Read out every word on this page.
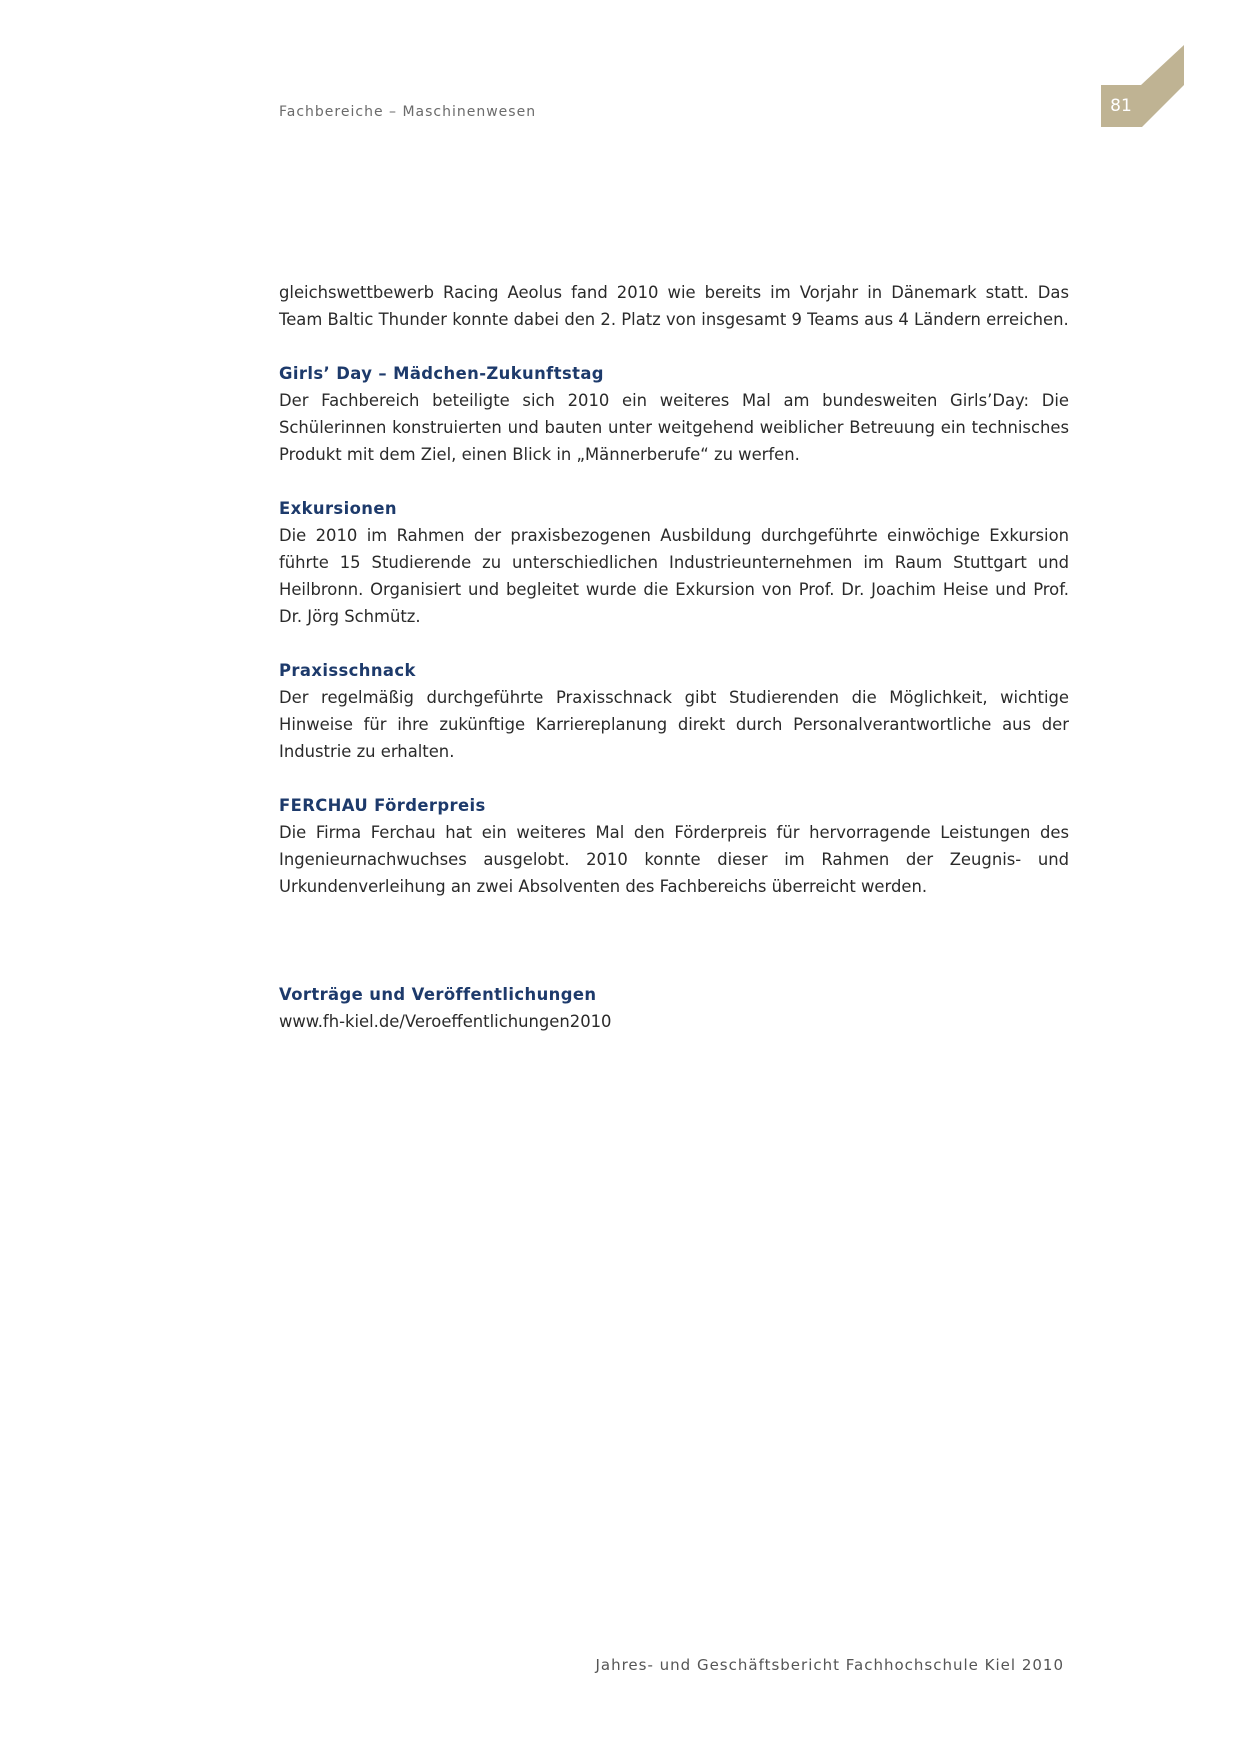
Fachbereiche – Maschinenwesen	81

gleichswettbewerb Racing Aeolus fand 2010 wie bereits im Vorjahr in Dänemark statt. Das Team Baltic Thunder konnte dabei den 2. Platz von insgesamt 9 Teams aus 4 Ländern erreichen.

Girls’ Day – Mädchen-Zukunftstag

Der Fachbereich beteiligte sich 2010 ein weiteres Mal am bundesweiten Girls’Day: Die Schülerinnen konstruierten und bauten unter weitgehend weiblicher Betreuung ein technisches Produkt mit dem Ziel, einen Blick in „Männerberufe“ zu werfen.

Exkursionen

Die 2010 im Rahmen der praxisbezogenen Ausbildung durchgeführte einwöchige Exkursion führte 15 Studierende zu unterschiedlichen Industrieunternehmen im Raum Stuttgart und Heilbronn. Organisiert und begleitet wurde die Exkursion von Prof. Dr. Joachim Heise und Prof. Dr. Jörg Schmütz.

Praxisschnack

Der regelmäßig durchgeführte Praxisschnack gibt Studierenden die Möglichkeit, wichtige Hinweise für ihre zukünftige Karriereplanung direkt durch Personalverantwortliche aus der Industrie zu erhalten.

FERCHAU Förderpreis

Die Firma Ferchau hat ein weiteres Mal den Förderpreis für hervorragende Leistungen des Ingenieurnachwuchses ausgelobt. 2010 konnte dieser im Rahmen der Zeugnis- und Urkundenverleihung an zwei Absolventen des Fachbereichs überreicht werden.

Vorträge und Veröffentlichungen

www.fh-kiel.de/Veroeffentlichungen2010

Jahres- und Geschäftsbericht Fachhochschule Kiel 2010
